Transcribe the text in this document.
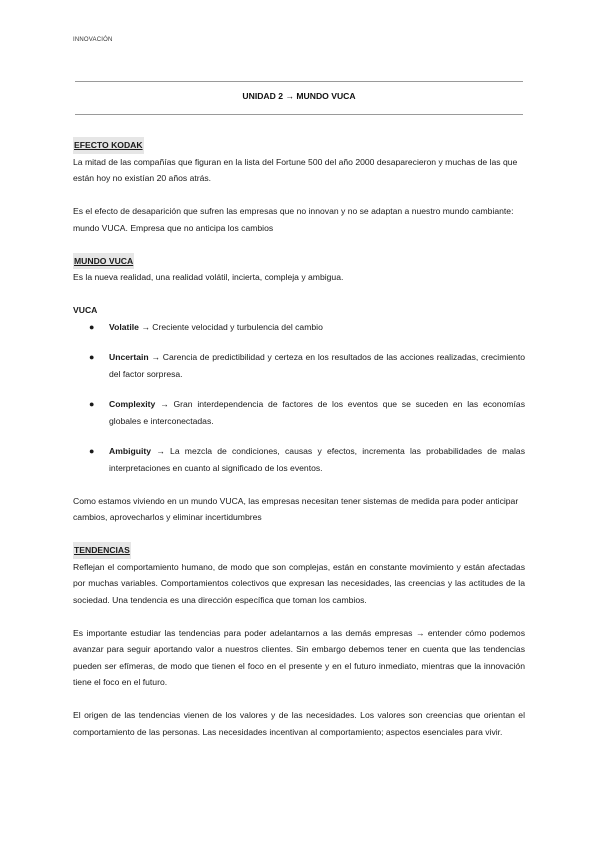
INNOVACIÓN
UNIDAD 2 → MUNDO VUCA
EFECTO KODAK

La mitad de las compañías que figuran en la lista del Fortune 500 del año 2000 desaparecieron y muchas de las que están hoy no existían 20 años atrás.

Es el efecto de desaparición que sufren las empresas que no innovan y no se adaptan a nuestro mundo cambiante: mundo VUCA. Empresa que no anticipa los cambios

MUNDO VUCA

Es la nueva realidad, una realidad volátil, incierta, compleja y ambigua.

VUCA
● Volatile → Creciente velocidad y turbulencia del cambio
● Uncertain → Carencia de predictibilidad y certeza en los resultados de las acciones realizadas, crecimiento del factor sorpresa.
● Complexity → Gran interdependencia de factores de los eventos que se suceden en las economías globales e interconectadas.
● Ambiguity → La mezcla de condiciones, causas y efectos, incrementa las probabilidades de malas interpretaciones en cuanto al significado de los eventos.

Como estamos viviendo en un mundo VUCA, las empresas necesitan tener sistemas de medida para poder anticipar cambios, aprovecharlos y eliminar incertidumbres

TENDENCIAS

Reflejan el comportamiento humano, de modo que son complejas, están en constante movimiento y están afectadas por muchas variables. Comportamientos colectivos que expresan las necesidades, las creencias y las actitudes de la sociedad. Una tendencia es una dirección específica que toman los cambios.

Es importante estudiar las tendencias para poder adelantarnos a las demás empresas → entender cómo podemos avanzar para seguir aportando valor a nuestros clientes. Sin embargo debemos tener en cuenta que las tendencias pueden ser efímeras, de modo que tienen el foco en el presente y en el futuro inmediato, mientras que la innovación tiene el foco en el futuro.

El origen de las tendencias vienen de los valores y de las necesidades. Los valores son creencias que orientan el comportamiento de las personas. Las necesidades incentivan al comportamiento; aspectos esenciales para vivir.
